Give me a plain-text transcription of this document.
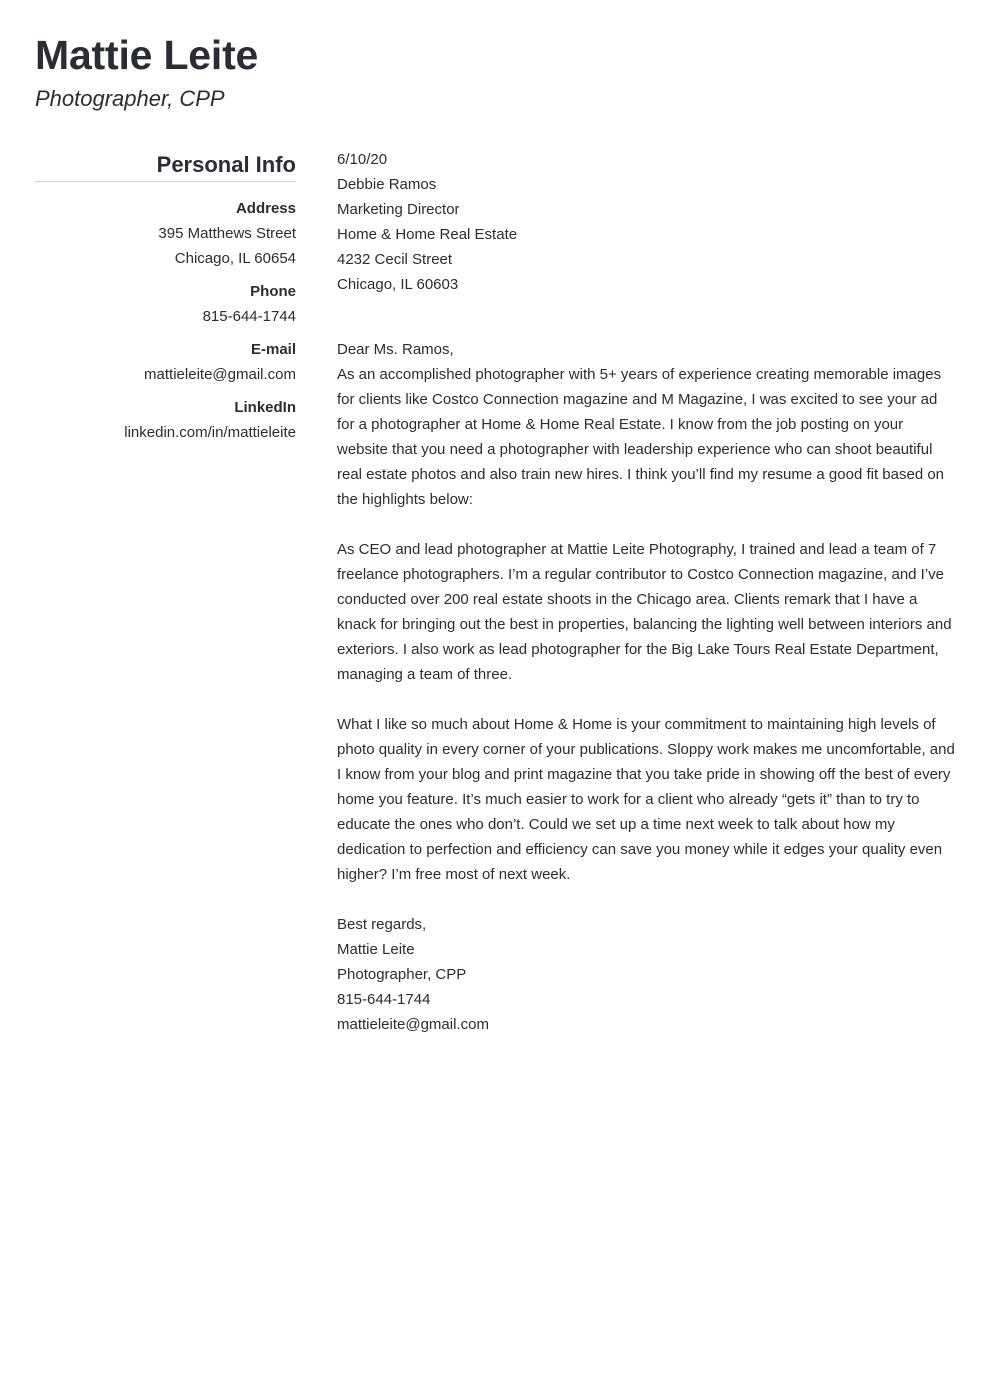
Mattie Leite
Photographer, CPP
Personal Info
Address
395 Matthews Street
Chicago, IL 60654
Phone
815-644-1744
E-mail
mattieleite@gmail.com
LinkedIn
linkedin.com/in/mattieleite

6/10/20

Debbie Ramos
Marketing Director
Home & Home Real Estate
4232 Cecil Street
Chicago, IL 60603

Dear Ms. Ramos,

As an accomplished photographer with 5+ years of experience creating memorable images for clients like Costco Connection magazine and M Magazine, I was excited to see your ad for a photographer at Home & Home Real Estate. I know from the job posting on your website that you need a photographer with leadership experience who can shoot beautiful real estate photos and also train new hires. I think you’ll find my resume a good fit based on the highlights below:

As CEO and lead photographer at Mattie Leite Photography, I trained and lead a team of 7 freelance photographers. I’m a regular contributor to Costco Connection magazine, and I’ve conducted over 200 real estate shoots in the Chicago area. Clients remark that I have a knack for bringing out the best in properties, balancing the lighting well between interiors and exteriors. I also work as lead photographer for the Big Lake Tours Real Estate Department, managing a team of three.

What I like so much about Home & Home is your commitment to maintaining high levels of photo quality in every corner of your publications. Sloppy work makes me uncomfortable, and I know from your blog and print magazine that you take pride in showing off the best of every home you feature. It’s much easier to work for a client who already “gets it” than to try to educate the ones who don’t. Could we set up a time next week to talk about how my dedication to perfection and efficiency can save you money while it edges your quality even higher? I’m free most of next week.

Best regards,

Mattie Leite
Photographer, CPP
815-644-1744
mattieleite@gmail.com
